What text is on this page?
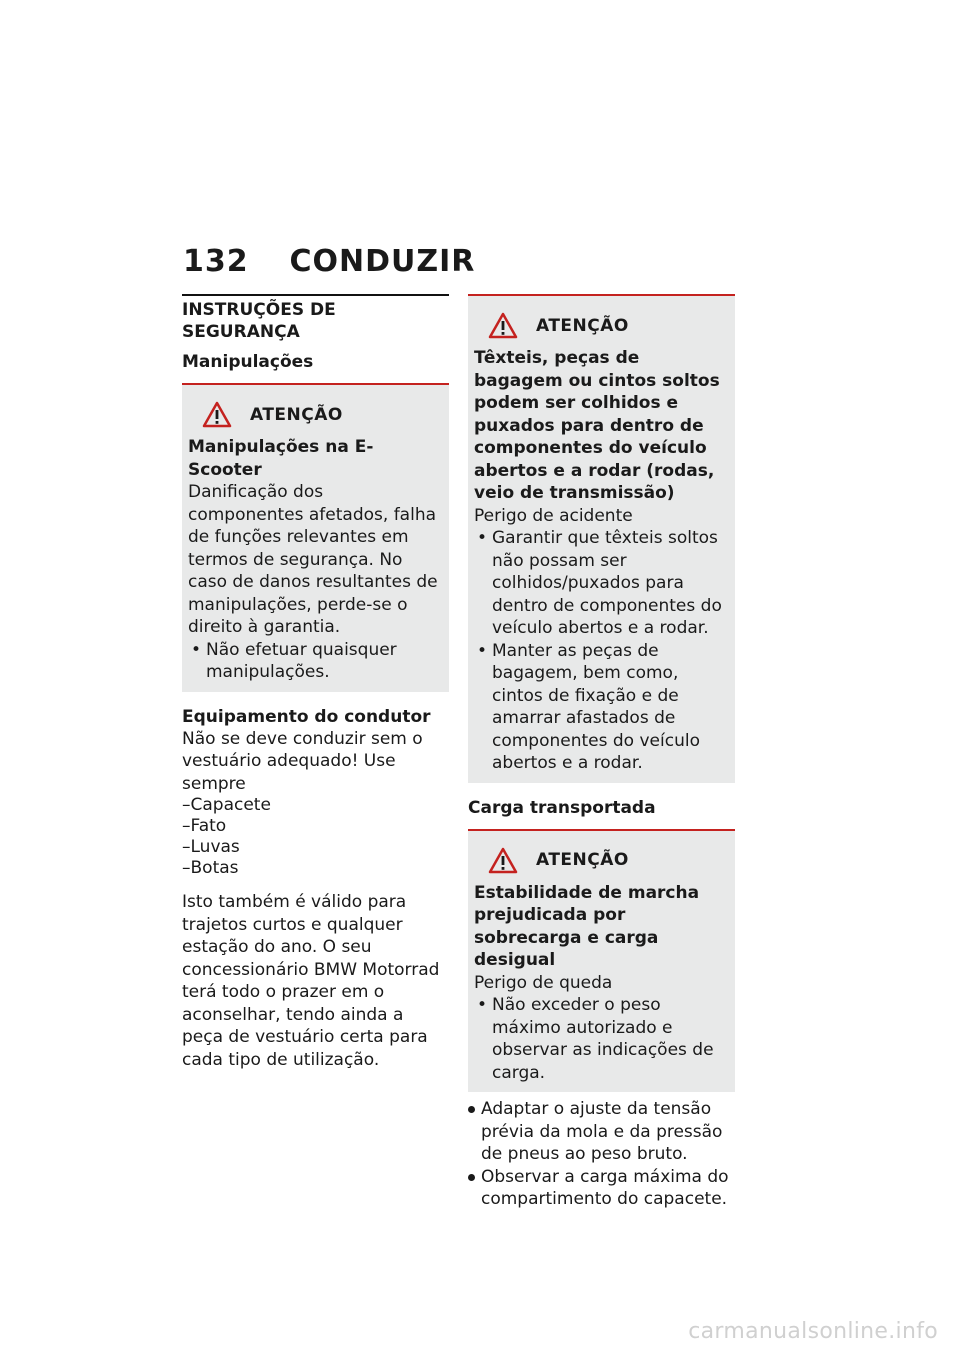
132 CONDUZIR
INSTRUÇÕES DE SEGURANÇA
Manipulações
ATENÇÃO
Manipulações na E-Scooter
Danificação dos componentes afetados, falha de funções relevantes em termos de segurança. No caso de danos resultantes de manipulações, perde-se o direito à garantia.
• Não efetuar quaisquer manipulações.
Equipamento do condutor
Não se deve conduzir sem o vestuário adequado! Use sempre
– Capacete
– Fato
– Luvas
– Botas
Isto também é válido para trajetos curtos e qualquer estação do ano. O seu concessionário BMW Motorrad terá todo o prazer em o aconselhar, tendo ainda a peça de vestuário certa para cada tipo de utilização.
ATENÇÃO
Têxteis, peças de bagagem ou cintos soltos podem ser colhidos e puxados para dentro de componentes do veículo abertos e a rodar (rodas, veio de transmissão)
Perigo de acidente
• Garantir que têxteis soltos não possam ser colhidos/puxados para dentro de componentes do veículo abertos e a rodar.
• Manter as peças de bagagem, bem como, cintos de fixação e de amarrar afastados de componentes do veículo abertos e a rodar.
Carga transportada
ATENÇÃO
Estabilidade de marcha prejudicada por sobrecarga e carga desigual
Perigo de queda
• Não exceder o peso máximo autorizado e observar as indicações de carga.
Adaptar o ajuste da tensão prévia da mola e da pressão de pneus ao peso bruto.
Observar a carga máxima do compartimento do capacete.
carmanualsonline.info
